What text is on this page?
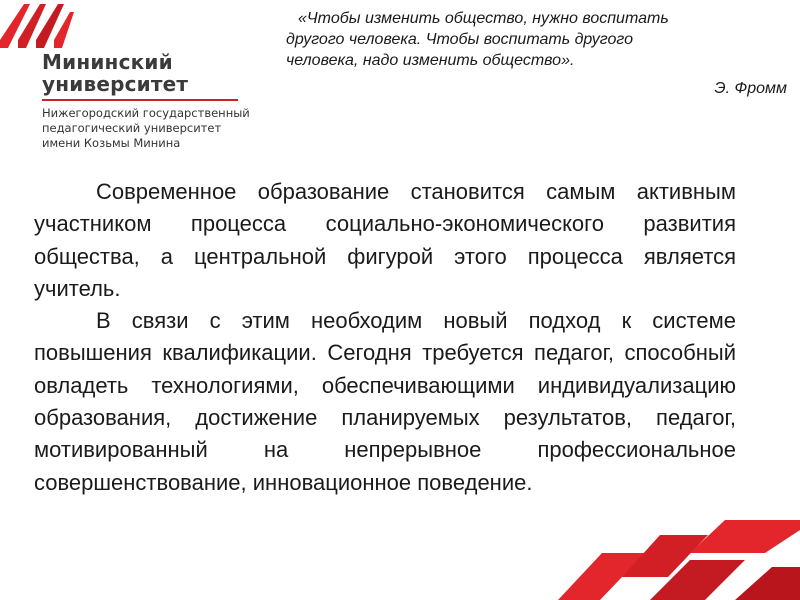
Мининский
университет
Нижегородский государственный
педагогический университет
имени Козьмы Минина
«Чтобы изменить общество, нужно воспитать
другого человека. Чтобы воспитать другого
человека, надо изменить общество».
Э. Фромм

Современное образование становится самым активным участником процесса социально-экономического развития общества, а центральной фигурой этого процесса является учитель.

В связи с этим необходим новый подход к системе повышения квалификации. Сегодня требуется педагог, способный овладеть технологиями, обеспечивающими индивидуализацию образования, достижение планируемых результатов, педагог, мотивированный на непрерывное профессиональное совершенствование, инновационное поведение.
